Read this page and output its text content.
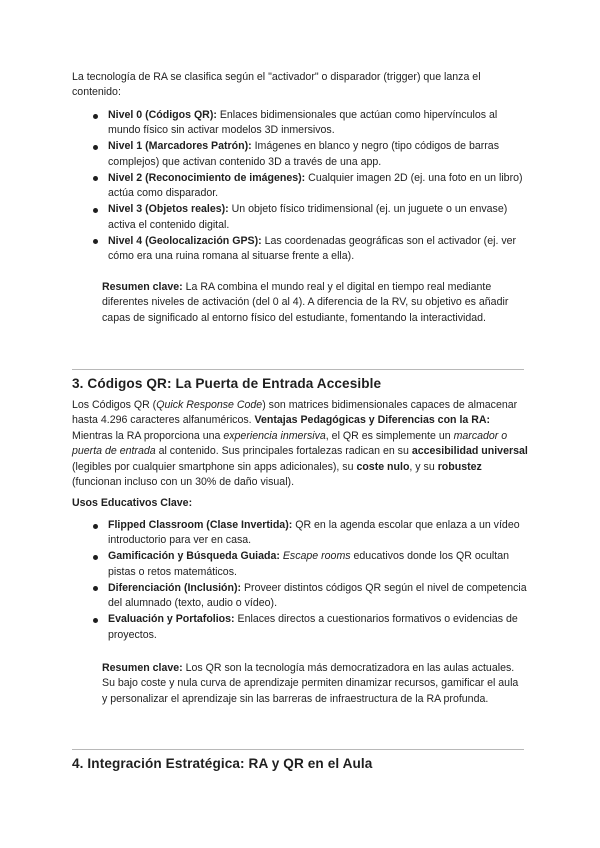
La tecnología de RA se clasifica según el "activador" o disparador (trigger) que lanza el contenido:

Nivel 0 (Códigos QR): Enlaces bidimensionales que actúan como hipervínculos al mundo físico sin activar modelos 3D inmersivos.
Nivel 1 (Marcadores Patrón): Imágenes en blanco y negro (tipo códigos de barras complejos) que activan contenido 3D a través de una app.
Nivel 2 (Reconocimiento de imágenes): Cualquier imagen 2D (ej. una foto en un libro) actúa como disparador.
Nivel 3 (Objetos reales): Un objeto físico tridimensional (ej. un juguete o un envase) activa el contenido digital.
Nivel 4 (Geolocalización GPS): Las coordenadas geográficas son el activador (ej. ver cómo era una ruina romana al situarse frente a ella).

Resumen clave: La RA combina el mundo real y el digital en tiempo real mediante diferentes niveles de activación (del 0 al 4). A diferencia de la RV, su objetivo es añadir capas de significado al entorno físico del estudiante, fomentando la interactividad.

3. Códigos QR: La Puerta de Entrada Accesible

Los Códigos QR (Quick Response Code) son matrices bidimensionales capaces de almacenar hasta 4.296 caracteres alfanuméricos. Ventajas Pedagógicas y Diferencias con la RA: Mientras la RA proporciona una experiencia inmersiva, el QR es simplemente un marcador o puerta de entrada al contenido. Sus principales fortalezas radican en su accesibilidad universal (legibles por cualquier smartphone sin apps adicionales), su coste nulo, y su robustez (funcionan incluso con un 30% de daño visual).

Usos Educativos Clave:

Flipped Classroom (Clase Invertida): QR en la agenda escolar que enlaza a un vídeo introductorio para ver en casa.
Gamificación y Búsqueda Guiada: Escape rooms educativos donde los QR ocultan pistas o retos matemáticos.
Diferenciación (Inclusión): Proveer distintos códigos QR según el nivel de competencia del alumnado (texto, audio o vídeo).
Evaluación y Portafolios: Enlaces directos a cuestionarios formativos o evidencias de proyectos.

Resumen clave: Los QR son la tecnología más democratizadora en las aulas actuales. Su bajo coste y nula curva de aprendizaje permiten dinamizar recursos, gamificar el aula y personalizar el aprendizaje sin las barreras de infraestructura de la RA profunda.

4. Integración Estratégica: RA y QR en el Aula
